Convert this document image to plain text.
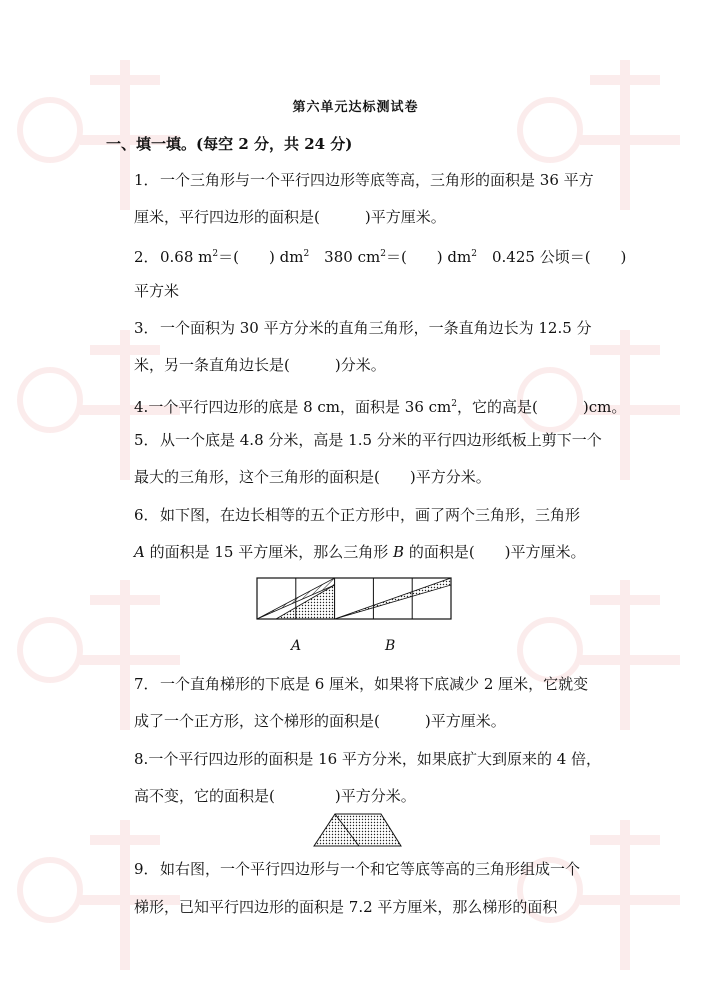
第六单元达标测试卷
一、填一填。(每空 2 分，共 24 分)
1．一个三角形与一个平行四边形等底等高，三角形的面积是 36 平方
厘米，平行四边形的面积是(　　　)平方厘米。
2．0.68 $m^2=$(　　) $dm^2$　380 $cm^2=$(　　) $dm^2$　0.425 公顷＝(　　)
平方米
3．一个面积为 30 平方分米的直角三角形，一条直角边长为 12.5 分
米，另一条直角边长是(　　　)分米。
4.一个平行四边形的底是 8 cm，面积是 36 $cm^2$，它的高是(　　　)cm。
5．从一个底是 4.8 分米，高是 1.5 分米的平行四边形纸板上剪下一个
最大的三角形，这个三角形的面积是(　　)平方分米。
6．如下图，在边长相等的五个正方形中，画了两个三角形，三角形
A 的面积是 15 平方厘米，那么三角形 B 的面积是(　　)平方厘米。
A	B
7．一个直角梯形的下底是 6 厘米，如果将下底减少 2 厘米，它就变
成了一个正方形，这个梯形的面积是(　　　)平方厘米。
8.一个平行四边形的面积是 16 平方分米，如果底扩大到原来的 4 倍，
高不变，它的面积是(　　　　)平方分米。
9．如右图，一个平行四边形与一个和它等底等高的三角形组成一个
梯形，已知平行四边形的面积是 7.2 平方厘米，那么梯形的面积
